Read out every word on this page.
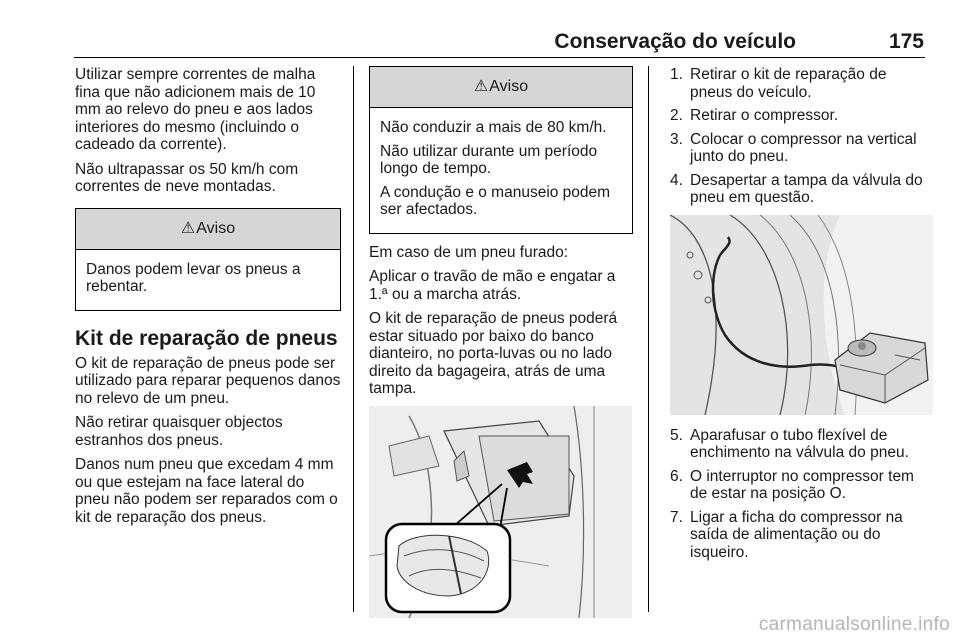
Conservação do veículo	175

Utilizar sempre correntes de malha fina que não adicionem mais de 10 mm ao relevo do pneu e aos lados interiores do mesmo (incluindo o cadeado da corrente).

Não ultrapassar os 50 km/h com correntes de neve montadas.

⚠Aviso

Danos podem levar os pneus a rebentar.

Kit de reparação de pneus

O kit de reparação de pneus pode ser utilizado para reparar pequenos danos no relevo de um pneu.

Não retirar quaisquer objectos estranhos dos pneus.

Danos num pneu que excedam 4 mm ou que estejam na face lateral do pneu não podem ser reparados com o kit de reparação dos pneus.

⚠Aviso

Não conduzir a mais de 80 km/h.

Não utilizar durante um período longo de tempo.

A condução e o manuseio podem ser afectados.

Em caso de um pneu furado:

Aplicar o travão de mão e engatar a 1.ª ou a marcha atrás.

O kit de reparação de pneus poderá estar situado por baixo do banco dianteiro, no porta-luvas ou no lado direito da bagageira, atrás de uma tampa.

1. Retirar o kit de reparação de pneus do veículo.
2. Retirar o compressor.
3. Colocar o compressor na vertical junto do pneu.
4. Desapertar a tampa da válvula do pneu em questão.
5. Aparafusar o tubo flexível de enchimento na válvula do pneu.
6. O interruptor no compressor tem de estar na posição O.
7. Ligar a ficha do compressor na saída de alimentação ou do isqueiro.
carmanualsonline.info
